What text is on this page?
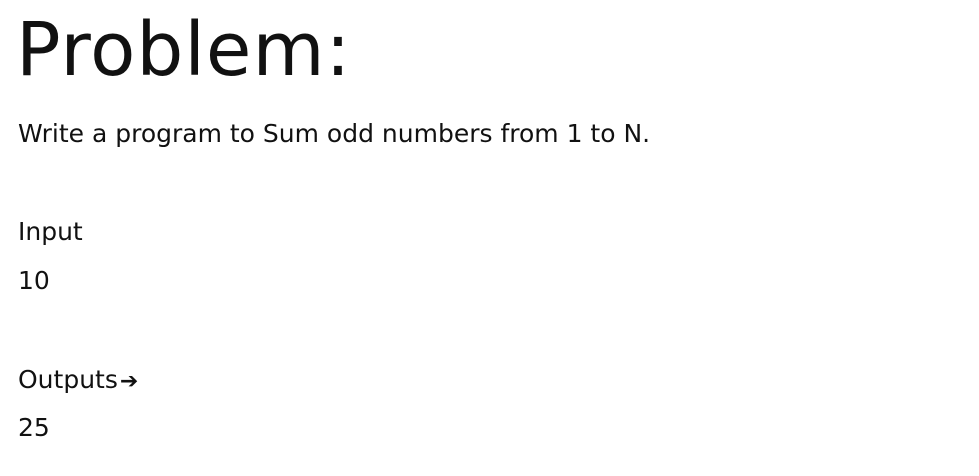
Problem:

Write a program to Sum odd numbers from 1 to N.

Input
10
Outputs➔
25
